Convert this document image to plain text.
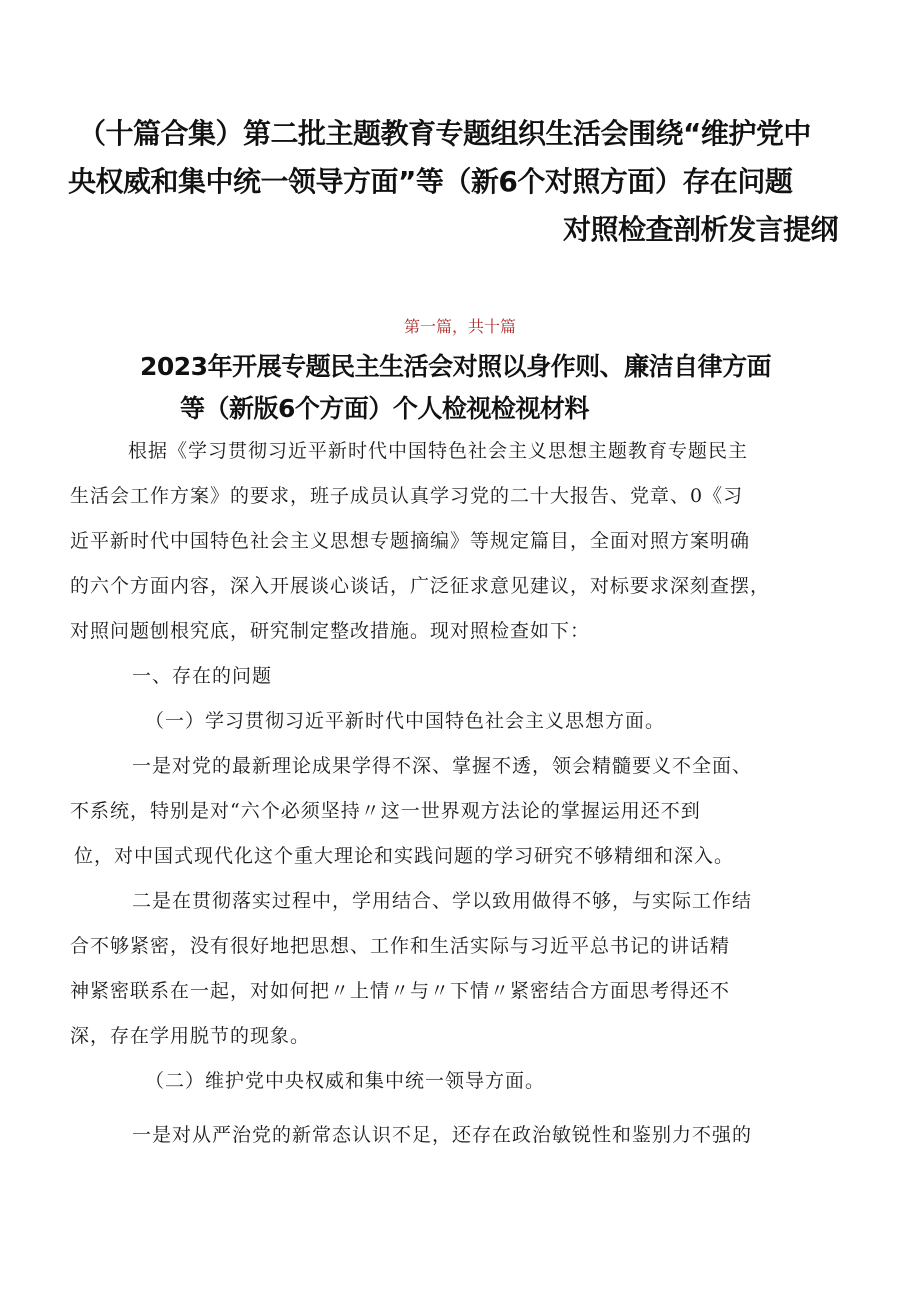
（十篇合集）第二批主题教育专题组织生活会围绕“维护党中
央权威和集中统一领导方面”等（新6个对照方面）存在问题
对照检查剖析发言提纲
第一篇，共十篇
2023年开展专题民主生活会对照以身作则、廉洁自律方面
等（新版6个方面）个人检视检视材料
根据《学习贯彻习近平新时代中国特色社会主义思想主题教育专题民主
生活会工作方案》的要求，班子成员认真学习党的二十大报告、党章、0《习
近平新时代中国特色社会主义思想专题摘编》等规定篇目，全面对照方案明确
的六个方面内容，深入开展谈心谈话，广泛征求意见建议，对标要求深刻查摆，
对照问题刨根究底，研究制定整改措施。现对照检查如下：
一、存在的问题
（一）学习贯彻习近平新时代中国特色社会主义思想方面。
一是对党的最新理论成果学得不深、掌握不透，领会精髓要义不全面、
不系统，特别是对“六个必须坚持〃这一世界观方法论的掌握运用还不到
位，对中国式现代化这个重大理论和实践问题的学习研究不够精细和深入。
二是在贯彻落实过程中，学用结合、学以致用做得不够，与实际工作结
合不够紧密，没有很好地把思想、工作和生活实际与习近平总书记的讲话精
神紧密联系在一起，对如何把〃上情〃与〃下情〃紧密结合方面思考得还不
深，存在学用脱节的现象。
（二）维护党中央权威和集中统一领导方面。
一是对从严治党的新常态认识不足，还存在政治敏锐性和鉴别力不强的
